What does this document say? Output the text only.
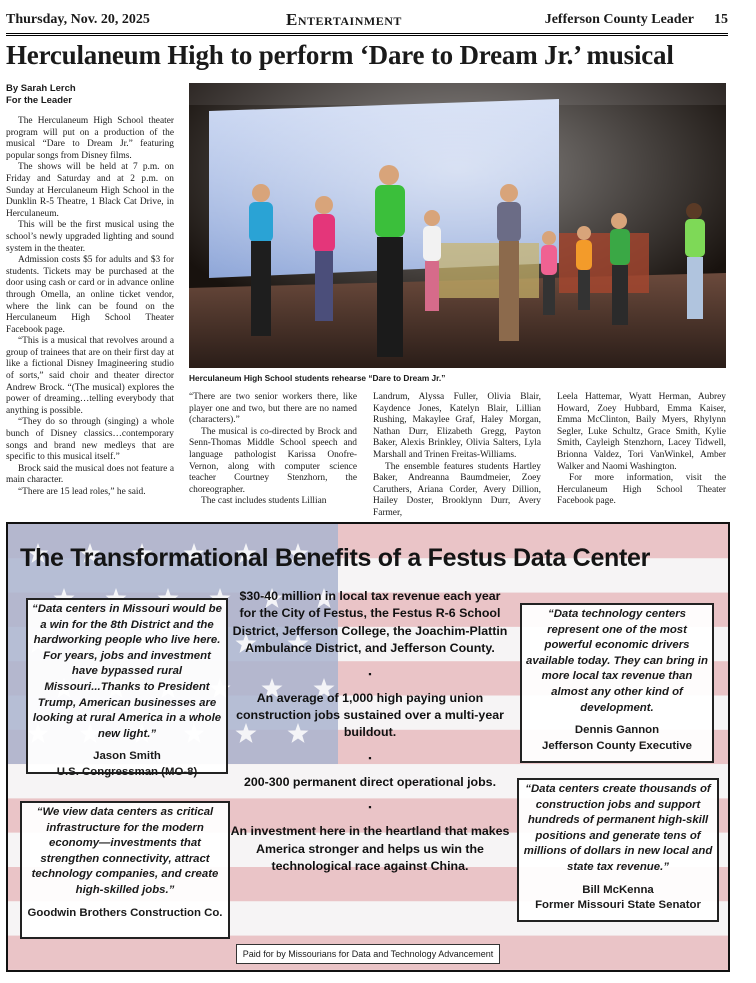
Thursday, Nov. 20, 2025	Entertainment	Jefferson County Leader 15
Herculaneum High to perform ‘Dare to Dream Jr.’ musical
By Sarah Lerch
For the Leader
Herculaneum High School students rehearse “Dare to Dream Jr.”

The Herculaneum High School theater program will put on a production of the musical “Dare to Dream Jr.” featuring popular songs from Disney films.

The shows will be held at 7 p.m. on Friday and Saturday and at 2 p.m. on Sunday at Herculaneum High School in the Dunklin R-5 Theatre, 1 Black Cat Drive, in Herculaneum.

This will be the first musical using the school’s newly upgraded lighting and sound system in the theater.

Admission costs $5 for adults and $3 for students. Tickets may be purchased at the door using cash or card or in advance online through Omella, an online ticket vendor, where the link can be found on the Herculaneum High School Theater Facebook page.

“This is a musical that revolves around a group of trainees that are on their first day at like a fictional Disney Imagineering studio of sorts,” said choir and theater director Andrew Brock. “(The musical) explores the power of dreaming…telling everybody that anything is possible.

“They do so through (singing) a whole bunch of Disney classics…contemporary songs and brand new medleys that are specific to this musical itself.”

Brock said the musical does not feature a main character.

“There are 15 lead roles,” he said.

“There are two senior workers there, like player one and two, but there are no named (characters).”

The musical is co-directed by Brock and Senn-Thomas Middle School speech and language pathologist Karissa Onofre-Vernon, along with computer science teacher Courtney Stenzhorn, the choreographer.

The cast includes students Lillian

Landrum, Alyssa Fuller, Olivia Blair, Kaydence Jones, Katelyn Blair, Lillian Rushing, Makaylee Graf, Haley Morgan, Nathan Durr, Elizabeth Gregg, Payton Baker, Alexis Brinkley, Olivia Salters, Lyla Marshall and Trinen Freitas-Williams.

The ensemble features students Hartley Baker, Andreanna Baumdmeier, Zoey Caruthers, Ariana Corder, Avery Dillion, Hailey Doster, Brooklynn Durr, Avery Farmer,

Leela Hattemar, Wyatt Herman, Aubrey Howard, Zoey Hubbard, Emma Kaiser, Emma McClinton, Baily Myers, Rhylynn Segler, Luke Schultz, Grace Smith, Kylie Smith, Cayleigh Stenzhorn, Lacey Tidwell, Brionna Valdez, Tori VanWinkel, Amber Walker and Naomi Washington.

For more information, visit the Herculaneum High School Theater Facebook page.

The Transformational Benefits of a Festus Data Center
“Data centers in Missouri would be a win for the 8th District and the hardworking people who live here. For years, jobs and investment have bypassed rural Missouri...Thanks to President Trump, American businesses are looking at rural America in a whole new light.”
Jason Smith
U.S. Congressman (MO-8)
“We view data centers as critical infrastructure for the modern economy—investments that strengthen connectivity, attract technology companies, and create high-skilled jobs.”
Goodwin Brothers Construction Co.
$30-40 million in local tax revenue each year for the City of Festus, the Festus R-6 School District, Jefferson College, the Joachim-Plattin Ambulance District, and Jefferson County.
▪
An average of 1,000 high paying union construction jobs sustained over a multi-year buildout.
▪
200-300 permanent direct operational jobs.
▪
An investment here in the heartland that makes America stronger and helps us win the technological race against China.
“Data technology centers represent one of the most powerful economic drivers available today. They can bring in more local tax revenue than almost any other kind of development.
Dennis Gannon
Jefferson County Executive
“Data centers create thousands of construction jobs and support hundreds of permanent high-skill positions and generate tens of millions of dollars in new local and state tax revenue.”
Bill McKenna
Former Missouri State Senator
Paid for by Missourians for Data and Technology Advancement
